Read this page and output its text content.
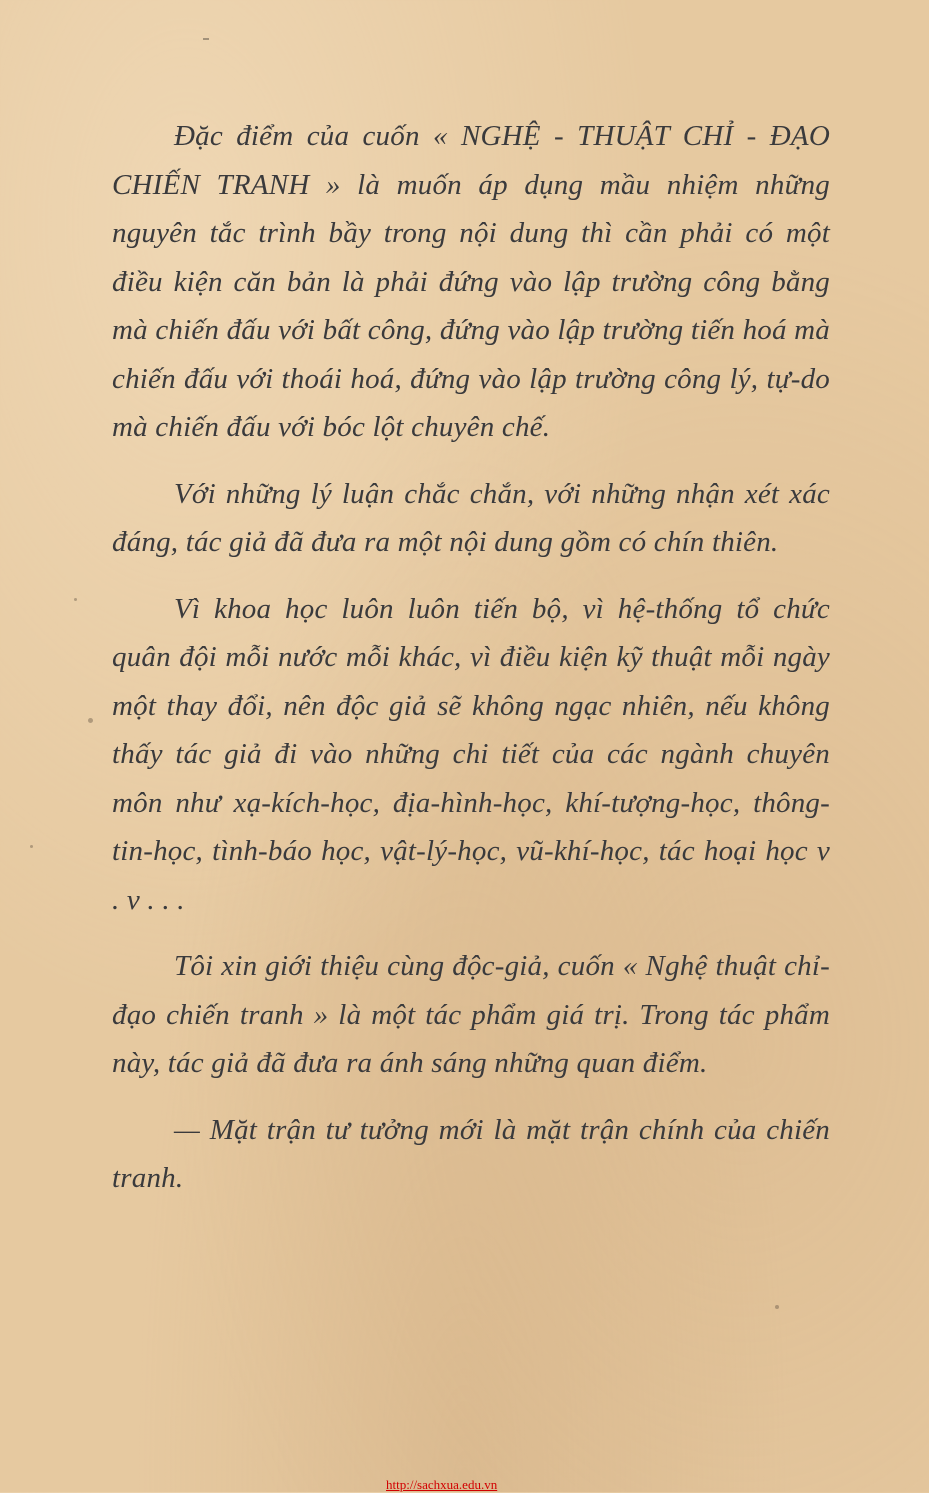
Đặc điểm của cuốn « NGHỆ - THUẬT CHỈ - ĐẠO CHIẾN TRANH » là muốn áp dụng mầu nhiệm những nguyên tắc trình bầy trong nội dung thì cần phải có một điều kiện căn bản là phải đứng vào lập trường công bằng mà chiến đấu với bất công, đứng vào lập trường tiến hoá mà chiến đấu với thoái hoá, đứng vào lập trường công lý, tự-do mà chiến đấu với bóc lột chuyên chế.

Với những lý luận chắc chắn, với những nhận xét xác đáng, tác giả đã đưa ra một nội dung gồm có chín thiên.

Vì khoa học luôn luôn tiến bộ, vì hệ-thống tổ chức quân đội mỗi nước mỗi khác, vì điều kiện kỹ thuật mỗi ngày một thay đổi, nên độc giả sẽ không ngạc nhiên, nếu không thấy tác giả đi vào những chi tiết của các ngành chuyên môn như xạ-kích-học, địa-hình-học, khí-tượng-học, thông-tin-học, tình-báo học, vật-lý-học, vũ-khí-học, tác hoại học v . v . . .

Tôi xin giới thiệu cùng độc-giả, cuốn « Nghệ thuật chỉ-đạo chiến tranh » là một tác phẩm giá trị. Trong tác phẩm này, tác giả đã đưa ra ánh sáng những quan điểm.

— Mặt trận tư tưởng mới là mặt trận chính của chiến tranh.

http://sachxua.edu.vn
